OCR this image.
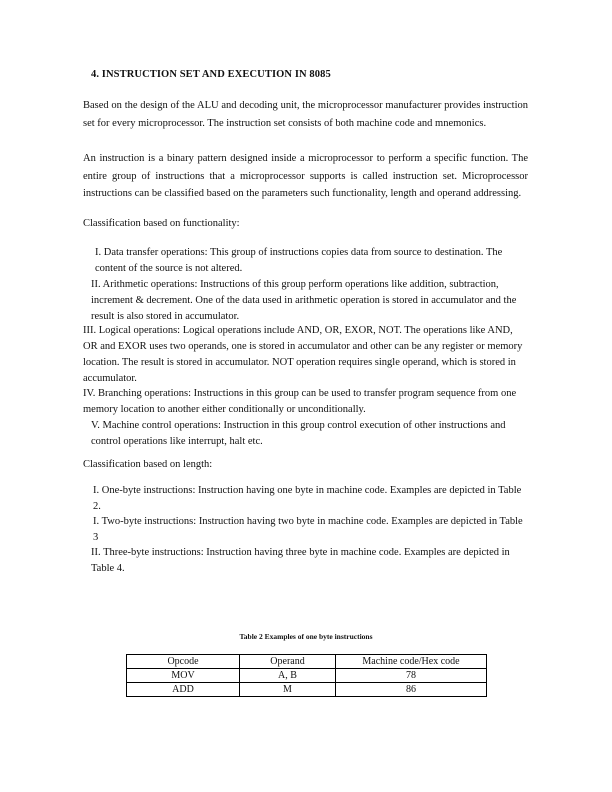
4. INSTRUCTION SET AND EXECUTION IN 8085

Based on the design of the ALU and decoding unit, the microprocessor manufacturer provides instruction set for every microprocessor. The instruction set consists of both machine code and mnemonics.

An instruction is a binary pattern designed inside a microprocessor to perform a specific function. The entire group of instructions that a microprocessor supports is called instruction set. Microprocessor instructions can be classified based on the parameters such functionality, length and operand addressing.

Classification based on functionality:

I. Data transfer operations: This group of instructions copies data from source to destination. The content of the source is not altered.

II. Arithmetic operations: Instructions of this group perform operations like addition, subtraction, increment & decrement. One of the data used in arithmetic operation is stored in accumulator and the result is also stored in accumulator.

III. Logical operations: Logical operations include AND, OR, EXOR, NOT. The operations like AND, OR and EXOR uses two operands, one is stored in accumulator and other can be any register or memory location. The result is stored in accumulator. NOT operation requires single operand, which is stored in accumulator.

IV. Branching operations: Instructions in this group can be used to transfer program sequence from one memory location to another either conditionally or unconditionally.

V. Machine control operations: Instruction in this group control execution of other instructions and control operations like interrupt, halt etc.

Classification based on length:

I. One-byte instructions: Instruction having one byte in machine code. Examples are depicted in Table 2.

I. Two-byte instructions: Instruction having two byte in machine code. Examples are depicted in Table 3

II. Three-byte instructions: Instruction having three byte in machine code. Examples are depicted in Table 4.

Table 2 Examples of one byte instructions
Opcode	Operand	Machine code/Hex code
MOV	A, B	78
ADD	M	86
